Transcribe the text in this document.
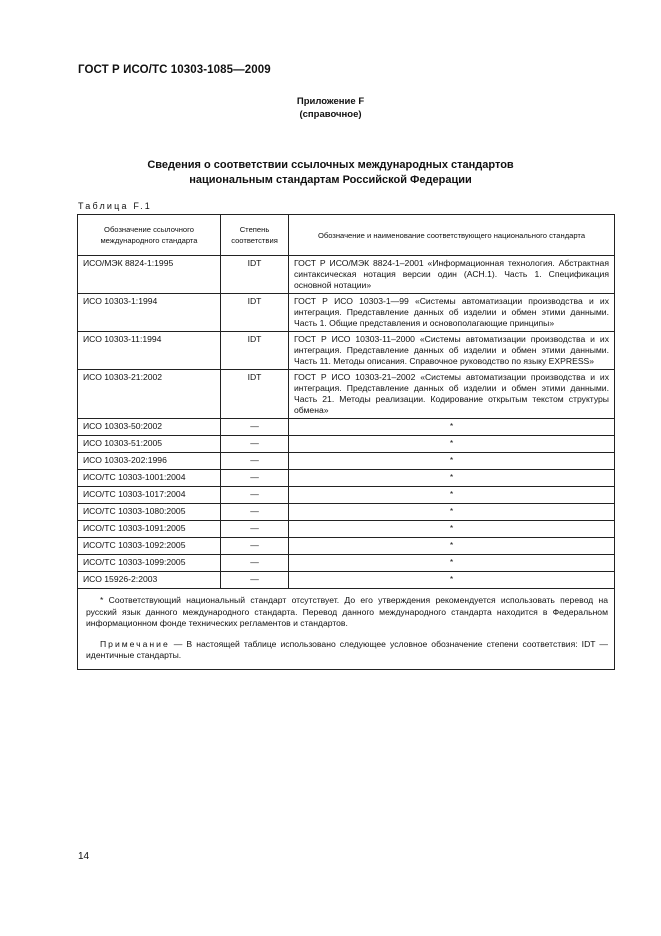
ГОСТ Р ИСО/ТС 10303-1085—2009
Приложение F
(справочное)
Сведения о соответствии ссылочных международных стандартов
национальным стандартам Российской Федерации
Таблица F.1
Обозначение ссылочного международного стандарта	Степень соответствия	Обозначение и наименование соответствующего национального стандарта
ИСО/МЭК 8824-1:1995	IDT	ГОСТ Р ИСО/МЭК 8824-1–2001 «Информационная технология. Абстрактная синтаксическая нотация версии один (АСН.1). Часть 1. Спецификация основной нотации»
ИСО 10303-1:1994	IDT	ГОСТ Р ИСО 10303-1—99 «Системы автоматизации производства и их интеграция. Представление данных об изделии и обмен этими данными. Часть 1. Общие представления и основополагающие принципы»
ИСО 10303-11:1994	IDT	ГОСТ Р ИСО 10303-11–2000 «Системы автоматизации производства и их интеграция. Представление данных об изделии и обмен этими данными. Часть 11. Методы описания. Справочное руководство по языку EXPRESS»
ИСО 10303-21:2002	IDT	ГОСТ Р ИСО 10303-21–2002 «Системы автоматизации производства и их интеграция. Представление данных об изделии и обмен этими данными. Часть 21. Методы реализации. Кодирование открытым текстом структуры обмена»
ИСО 10303-50:2002	—	*
ИСО 10303-51:2005	—	*
ИСО 10303-202:1996	—	*
ИСО/ТС 10303-1001:2004	—	*
ИСО/ТС 10303-1017:2004	—	*
ИСО/ТС 10303-1080:2005	—	*
ИСО/ТС 10303-1091:2005	—	*
ИСО/ТС 10303-1092:2005	—	*
ИСО/ТС 10303-1099:2005	—	*
ИСО 15926-2:2003	—	*

* Соответствующий национальный стандарт отсутствует. До его утверждения рекомендуется использовать перевод на русский язык данного международного стандарта. Перевод данного международного стандарта находится в Федеральном информационном фонде технических регламентов и стандартов.

Примечание — В настоящей таблице использовано следующее условное обозначение степени соответствия: IDT — идентичные стандарты.		

14
